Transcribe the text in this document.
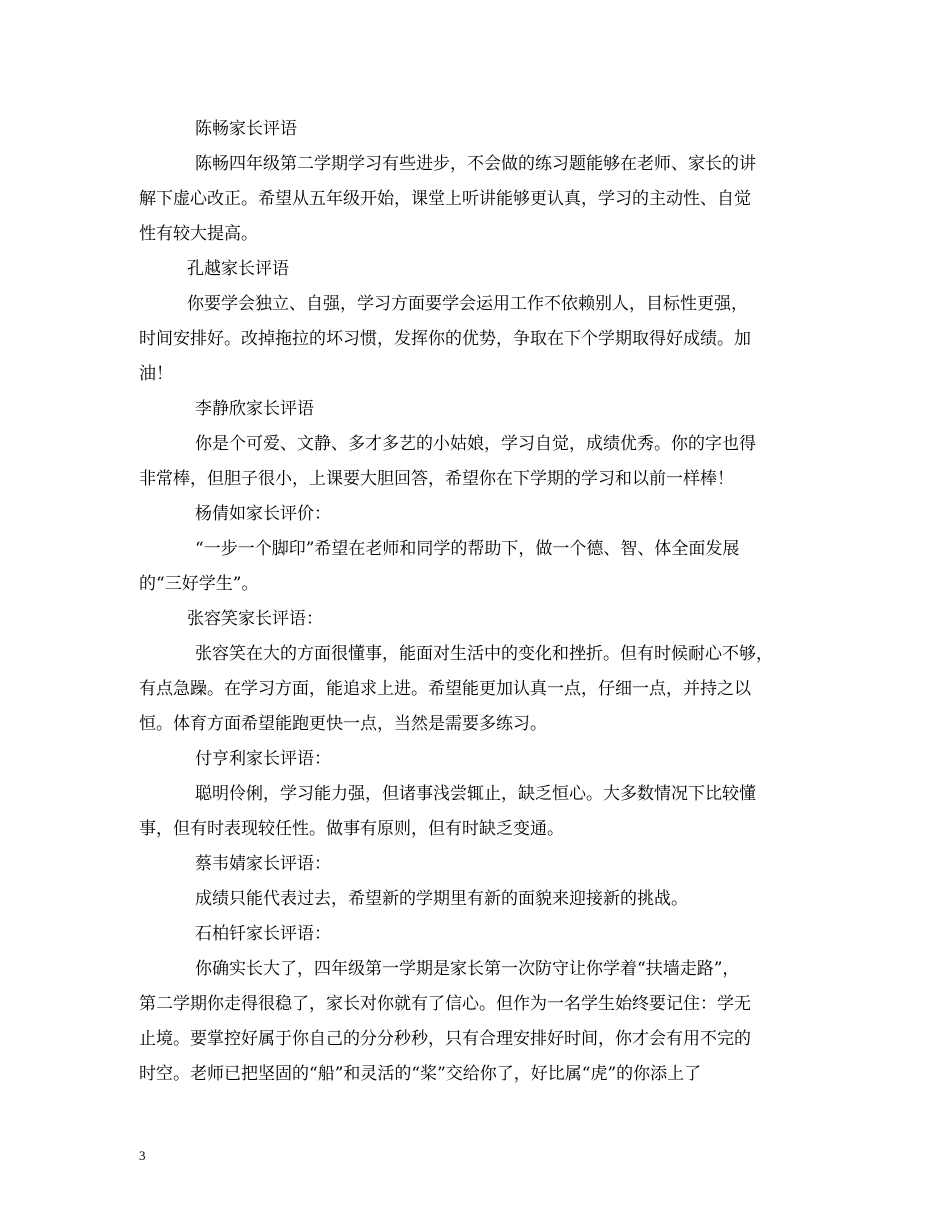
陈畅家长评语
陈畅四年级第二学期学习有些进步，不会做的练习题能够在老师、家长的讲
解下虚心改正。希望从五年级开始，课堂上听讲能够更认真，学习的主动性、自觉
性有较大提高。
孔越家长评语
你要学会独立、自强，学习方面要学会运用工作不依赖别人，目标性更强，
时间安排好。改掉拖拉的坏习惯，发挥你的优势，争取在下个学期取得好成绩。加
油！
李静欣家长评语
你是个可爱、文静、多才多艺的小姑娘，学习自觉，成绩优秀。你的字也得
非常棒，但胆子很小，上课要大胆回答，希望你在下学期的学习和以前一样棒！
杨倩如家长评价：
“一步一个脚印”希望在老师和同学的帮助下，做一个德、智、体全面发展
的“三好学生”。
张容笑家长评语：
张容笑在大的方面很懂事，能面对生活中的变化和挫折。但有时候耐心不够，
有点急躁。在学习方面，能追求上进。希望能更加认真一点，仔细一点，并持之以
恒。体育方面希望能跑更快一点，当然是需要多练习。
付亨利家长评语：
聪明伶俐，学习能力强，但诸事浅尝辄止，缺乏恒心。大多数情况下比较懂
事，但有时表现较任性。做事有原则，但有时缺乏变通。
蔡韦婧家长评语：
成绩只能代表过去，希望新的学期里有新的面貌来迎接新的挑战。
石柏钎家长评语：
你确实长大了，四年级第一学期是家长第一次防守让你学着“扶墙走路”，
第二学期你走得很稳了，家长对你就有了信心。但作为一名学生始终要记住：学无
止境。要掌控好属于你自己的分分秒秒，只有合理安排好时间，你才会有用不完的
时空。老师已把坚固的“船”和灵活的“桨”交给你了，好比属“虎”的你添上了
3
